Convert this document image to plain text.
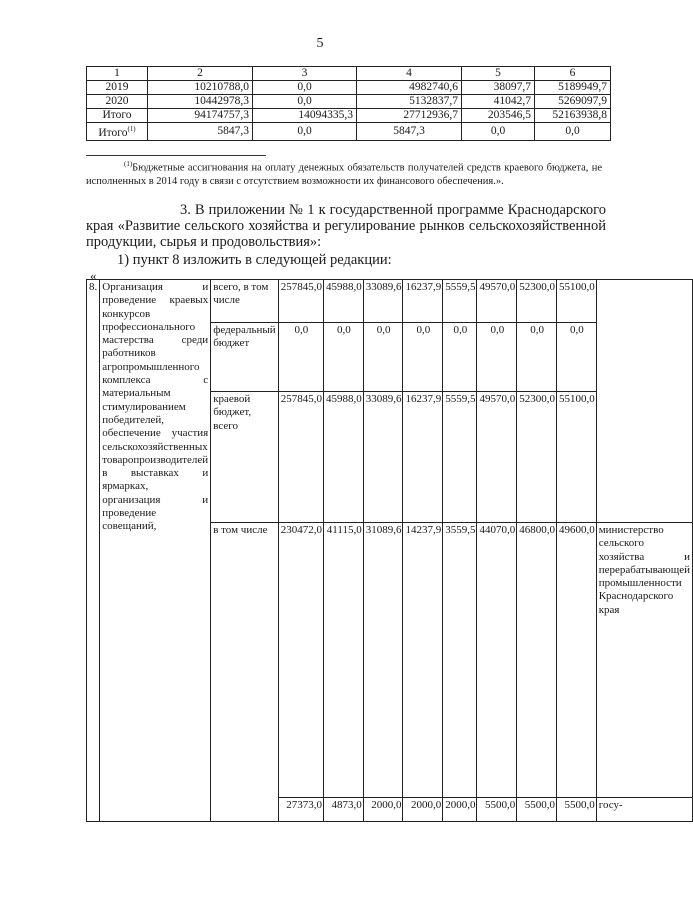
5
1	2	3	4	5	6
2019	10210788,0	0,0	4982740,6	38097,7	5189949,7
2020	10442978,3	0,0	5132837,7	41042,7	5269097,9
Итого	94174757,3	14094335,3	27712936,7	203546,5	52163938,8
Итого$^{(1)}$	5847,3	0,0	5847,3	0,0	0,0
$^{(1)}$Бюджетные ассигнования на оплату денежных обязательств получателей средств краевого бюджета, не исполненных в 2014 году в связи с отсутствием возможности их финансового обеспечения.».
3. В приложении № 1 к государственной программе Краснодарского края «Развитие сельского хозяйства и регулирование рынков сельскохозяйственной продукции, сырья и продовольствия»:
1) пункт 8 изложить в следующей редакции:
«
8.	Организация и проведение краевых конкурсов профессионального мастерства среди работников агропромышленного комплекса с материальным стимулированием победителей, обеспечение участия сельскохозяйственных товаропроизводителей в выставках и ярмарках, организация и проведение совещаний,	всего, в том числе	257845,0	45988,0	33089,6	16237,9	5559,5	49570,0	52300,0	55100,0	
		федеральный бюджет	0,0	0,0	0,0	0,0	0,0	0,0	0,0	0,0	
		краевой бюджет, всего	257845,0	45988,0	33089,6	16237,9	5559,5	49570,0	52300,0	55100,0	
		в том числе	230472,0	41115,0	31089,6	14237,9	3559,5	44070,0	46800,0	49600,0	министерство сельского хозяйства и перерабатывающей промышленности Краснодарского края
			27373,0	4873,0	2000,0	2000,0	2000,0	5500,0	5500,0	5500,0	госу-
